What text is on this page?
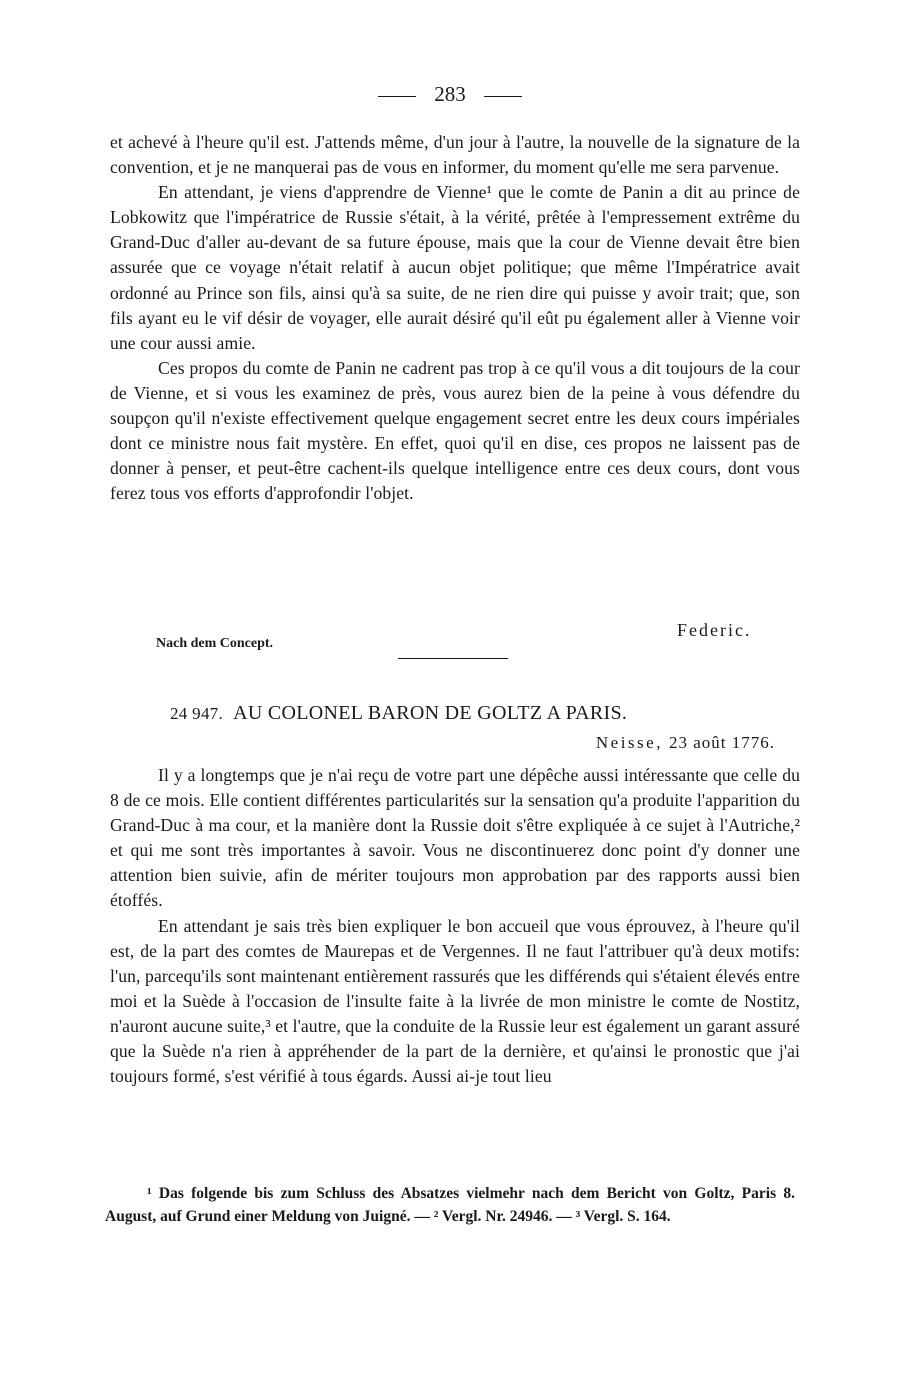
283

et achevé à l'heure qu'il est. J'attends même, d'un jour à l'autre, la nouvelle de la signature de la convention, et je ne manquerai pas de vous en informer, du moment qu'elle me sera parvenue.

En attendant, je viens d'apprendre de Vienne¹ que le comte de Panin a dit au prince de Lobkowitz que l'impératrice de Russie s'était, à la vérité, prêtée à l'empressement extrême du Grand-Duc d'aller au-devant de sa future épouse, mais que la cour de Vienne devait être bien assurée que ce voyage n'était relatif à aucun objet politique; que même l'Impératrice avait ordonné au Prince son fils, ainsi qu'à sa suite, de ne rien dire qui puisse y avoir trait; que, son fils ayant eu le vif désir de voyager, elle aurait désiré qu'il eût pu également aller à Vienne voir une cour aussi amie.

Ces propos du comte de Panin ne cadrent pas trop à ce qu'il vous a dit toujours de la cour de Vienne, et si vous les examinez de près, vous aurez bien de la peine à vous défendre du soupçon qu'il n'existe effectivement quelque engagement secret entre les deux cours impériales dont ce ministre nous fait mystère. En effet, quoi qu'il en dise, ces propos ne laissent pas de donner à penser, et peut-être cachent-ils quelque intelligence entre ces deux cours, dont vous ferez tous vos efforts d'approfondir l'objet.

Federic.
Nach dem Concept.
24 947. AU COLONEL BARON DE GOLTZ A PARIS.
Neisse, 23 août 1776.

Il y a longtemps que je n'ai reçu de votre part une dépêche aussi intéressante que celle du 8 de ce mois. Elle contient différentes particularités sur la sensation qu'a produite l'apparition du Grand-Duc à ma cour, et la manière dont la Russie doit s'être expliquée à ce sujet à l'Autriche,² et qui me sont très importantes à savoir. Vous ne discontinuerez donc point d'y donner une attention bien suivie, afin de mériter toujours mon approbation par des rapports aussi bien étoffés.

En attendant je sais très bien expliquer le bon accueil que vous éprouvez, à l'heure qu'il est, de la part des comtes de Maurepas et de Vergennes. Il ne faut l'attribuer qu'à deux motifs: l'un, parcequ'ils sont maintenant entièrement rassurés que les différends qui s'étaient élevés entre moi et la Suède à l'occasion de l'insulte faite à la livrée de mon ministre le comte de Nostitz, n'auront aucune suite,³ et l'autre, que la conduite de la Russie leur est également un garant assuré que la Suède n'a rien à appréhender de la part de la dernière, et qu'ainsi le pronostic que j'ai toujours formé, s'est vérifié à tous égards. Aussi ai-je tout lieu

¹ Das folgende bis zum Schluss des Absatzes vielmehr nach dem Bericht von Goltz, Paris 8. August, auf Grund einer Meldung von Juigné. — ² Vergl. Nr. 24946. — ³ Vergl. S. 164.
